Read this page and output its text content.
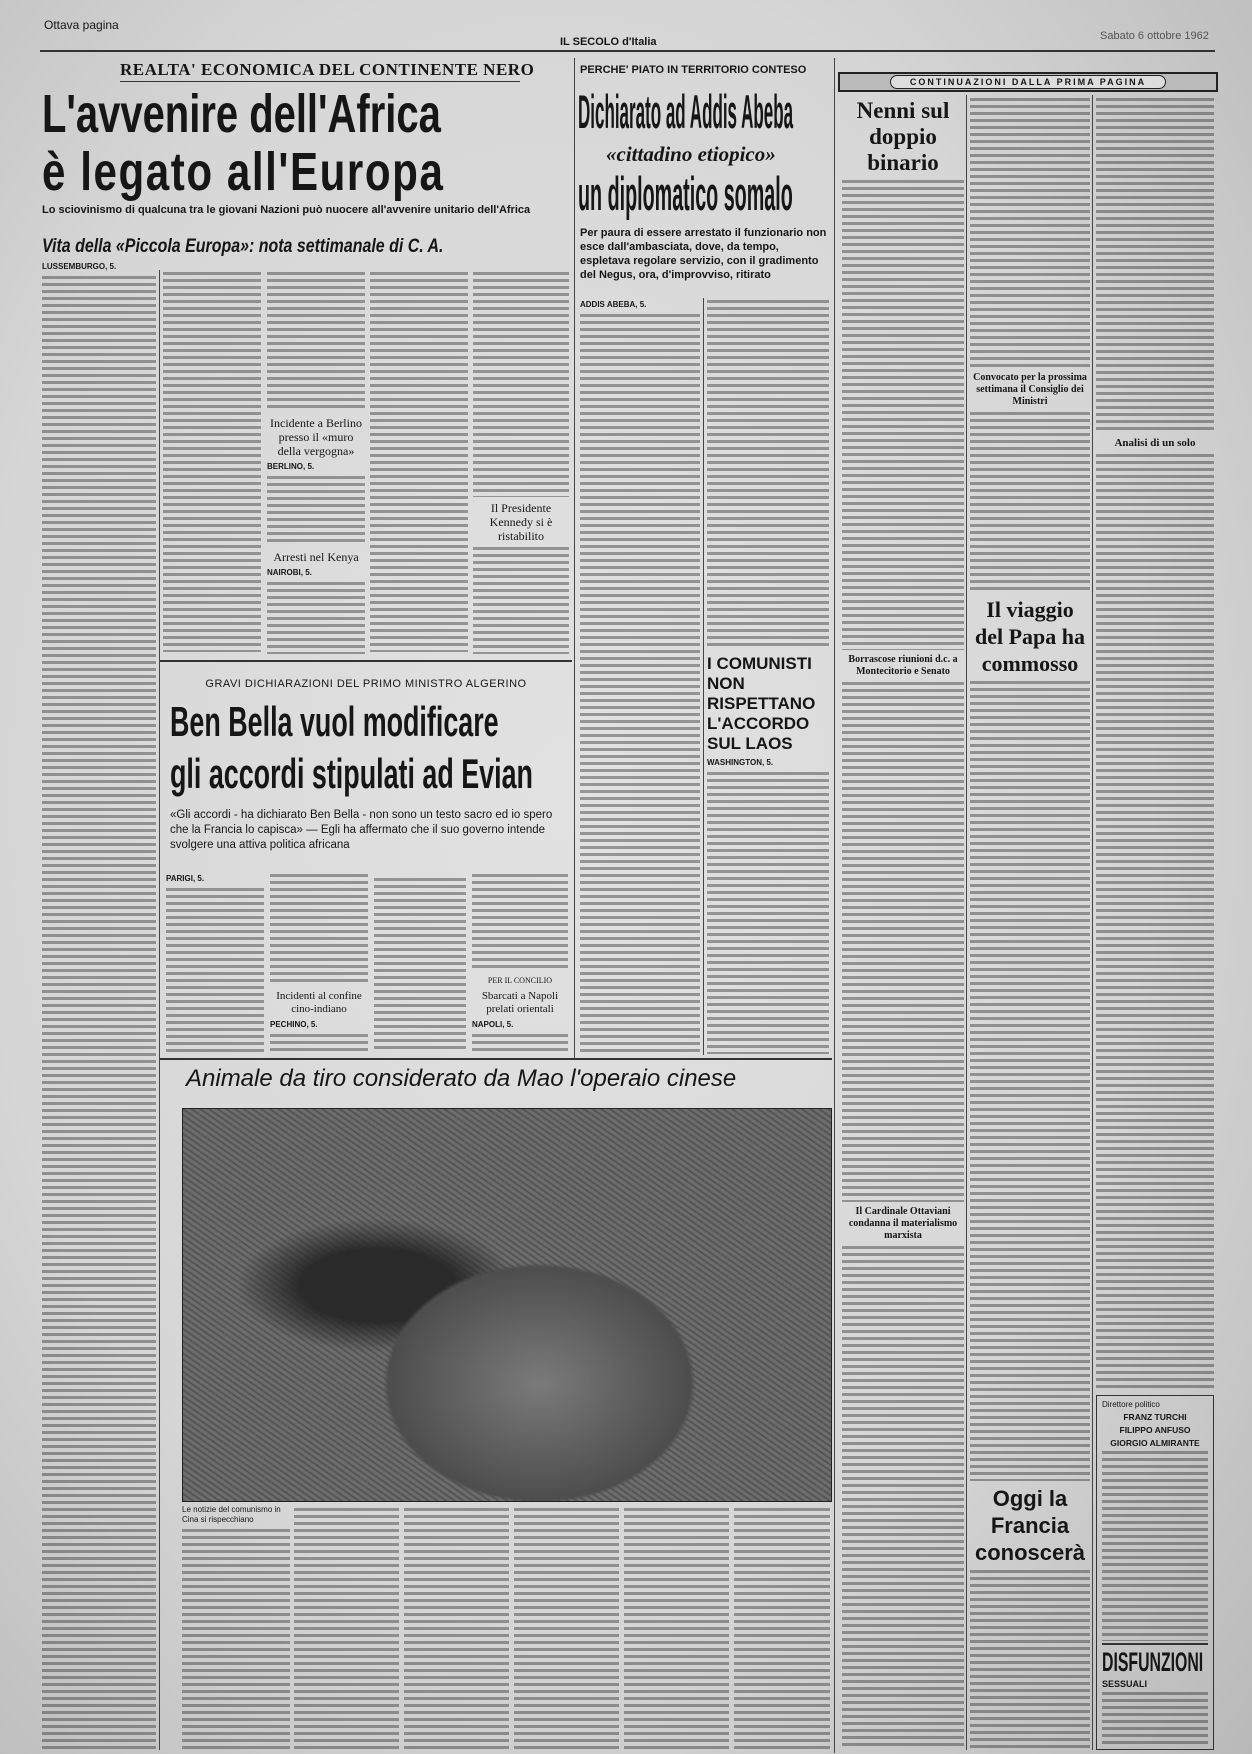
Ottava pagina
IL SECOLO d'Italia	Sabato 6 ottobre 1962
REALTA' ECONOMICA DEL CONTINENTE NERO
L'avvenire dell'Africa
è legato all'Europa
Lo sciovinismo di qualcuna tra le giovani Nazioni può nuocere all'avvenire unitario dell'Africa
Vita della «Piccola Europa»: nota settimanale di C. A.
LUSSEMBURGO, 5.
Incidente a Berlino presso il «muro della vergogna»
BERLINO, 5.
Arresti nel Kenya
NAIROBI, 5.
Il Presidente Kennedy si è ristabilito
PERCHE' PIATO IN TERRITORIO CONTESO
Dichiarato ad Addis Abeba
«cittadino etiopico»
un diplomatico somalo
Per paura di essere arrestato il funzionario non esce dall'ambasciata, dove, da tempo, espletava regolare servizio, con il gradimento del Negus, ora, d'improvviso, ritirato
ADDIS ABEBA, 5.
I COMUNISTI NON RISPETTANO L'ACCORDO SUL LAOS
WASHINGTON, 5.
GRAVI DICHIARAZIONI DEL PRIMO MINISTRO ALGERINO
Ben Bella vuol modificare
gli accordi stipulati ad Evian
«Gli accordi - ha dichiarato Ben Bella - non sono un testo sacro ed io spero che la Francia lo capisca» — Egli ha affermato che il suo governo intende svolgere una attiva politica africana
PARIGI, 5.
Incidenti al confine cino-indiano
PECHINO, 5.
PER IL CONCILIO
Sbarcati a Napoli prelati orientali
NAPOLI, 5.
Animale da tiro considerato da Mao l'operaio cinese
Le notizie del comunismo in Cina si rispecchiano
CONTINUAZIONI DALLA PRIMA PAGINA
Nenni sul doppio binario
Borrascose riunioni d.c. a Montecitorio e Senato
Il Cardinale Ottaviani condanna il materialismo marxista
Convocato per la prossima settimana il Consiglio dei Ministri
Il viaggio del Papa ha commosso
Oggi la Francia conoscerà
Analisi di un solo
Direttore politico
FRANZ TURCHI
FILIPPO ANFUSO
GIORGIO ALMIRANTE
DISFUNZIONI
SESSUALI
